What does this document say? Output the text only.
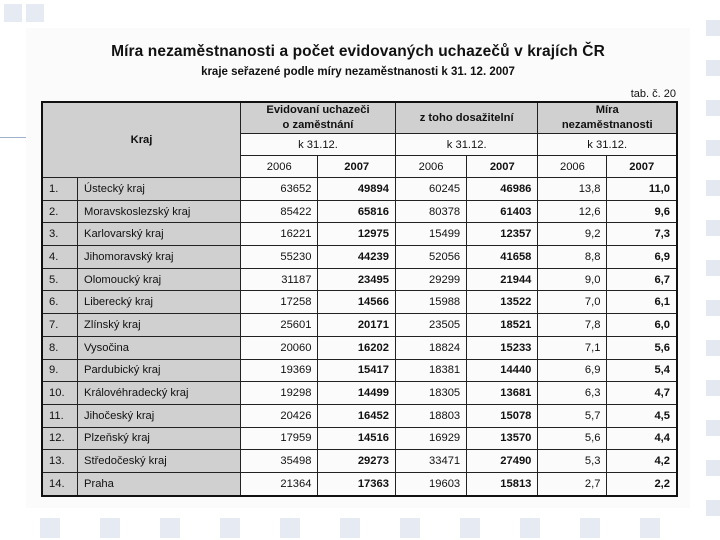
Míra nezaměstnanosti a počet evidovaných uchazečů v krajích ČR
kraje seřazené podle míry nezaměstnanosti k 31. 12. 2007
tab. č. 20
Kraj		Evidovaní uchazeči
o zaměstnání		z toho dosažitelní		Míra
nezaměstnanosti	
		k 31.12.		k 31.12.		k 31.12.	
		2006	2007	2006	2007	2006	2007
1.	Ústecký kraj	63652	49894	60245	46986	13,8	11,0
2.	Moravskoslezský kraj	85422	65816	80378	61403	12,6	9,6
3.	Karlovarský kraj	16221	12975	15499	12357	9,2	7,3
4.	Jihomoravský kraj	55230	44239	52056	41658	8,8	6,9
5.	Olomoucký kraj	31187	23495	29299	21944	9,0	6,7
6.	Liberecký kraj	17258	14566	15988	13522	7,0	6,1
7.	Zlínský kraj	25601	20171	23505	18521	7,8	6,0
8.	Vysočina	20060	16202	18824	15233	7,1	5,6
9.	Pardubický kraj	19369	15417	18381	14440	6,9	5,4
10.	Královéhradecký kraj	19298	14499	18305	13681	6,3	4,7
11.	Jihočeský kraj	20426	16452	18803	15078	5,7	4,5
12.	Plzeňský kraj	17959	14516	16929	13570	5,6	4,4
13.	Středočeský kraj	35498	29273	33471	27490	5,3	4,2
14.	Praha	21364	17363	19603	15813	2,7	2,2
